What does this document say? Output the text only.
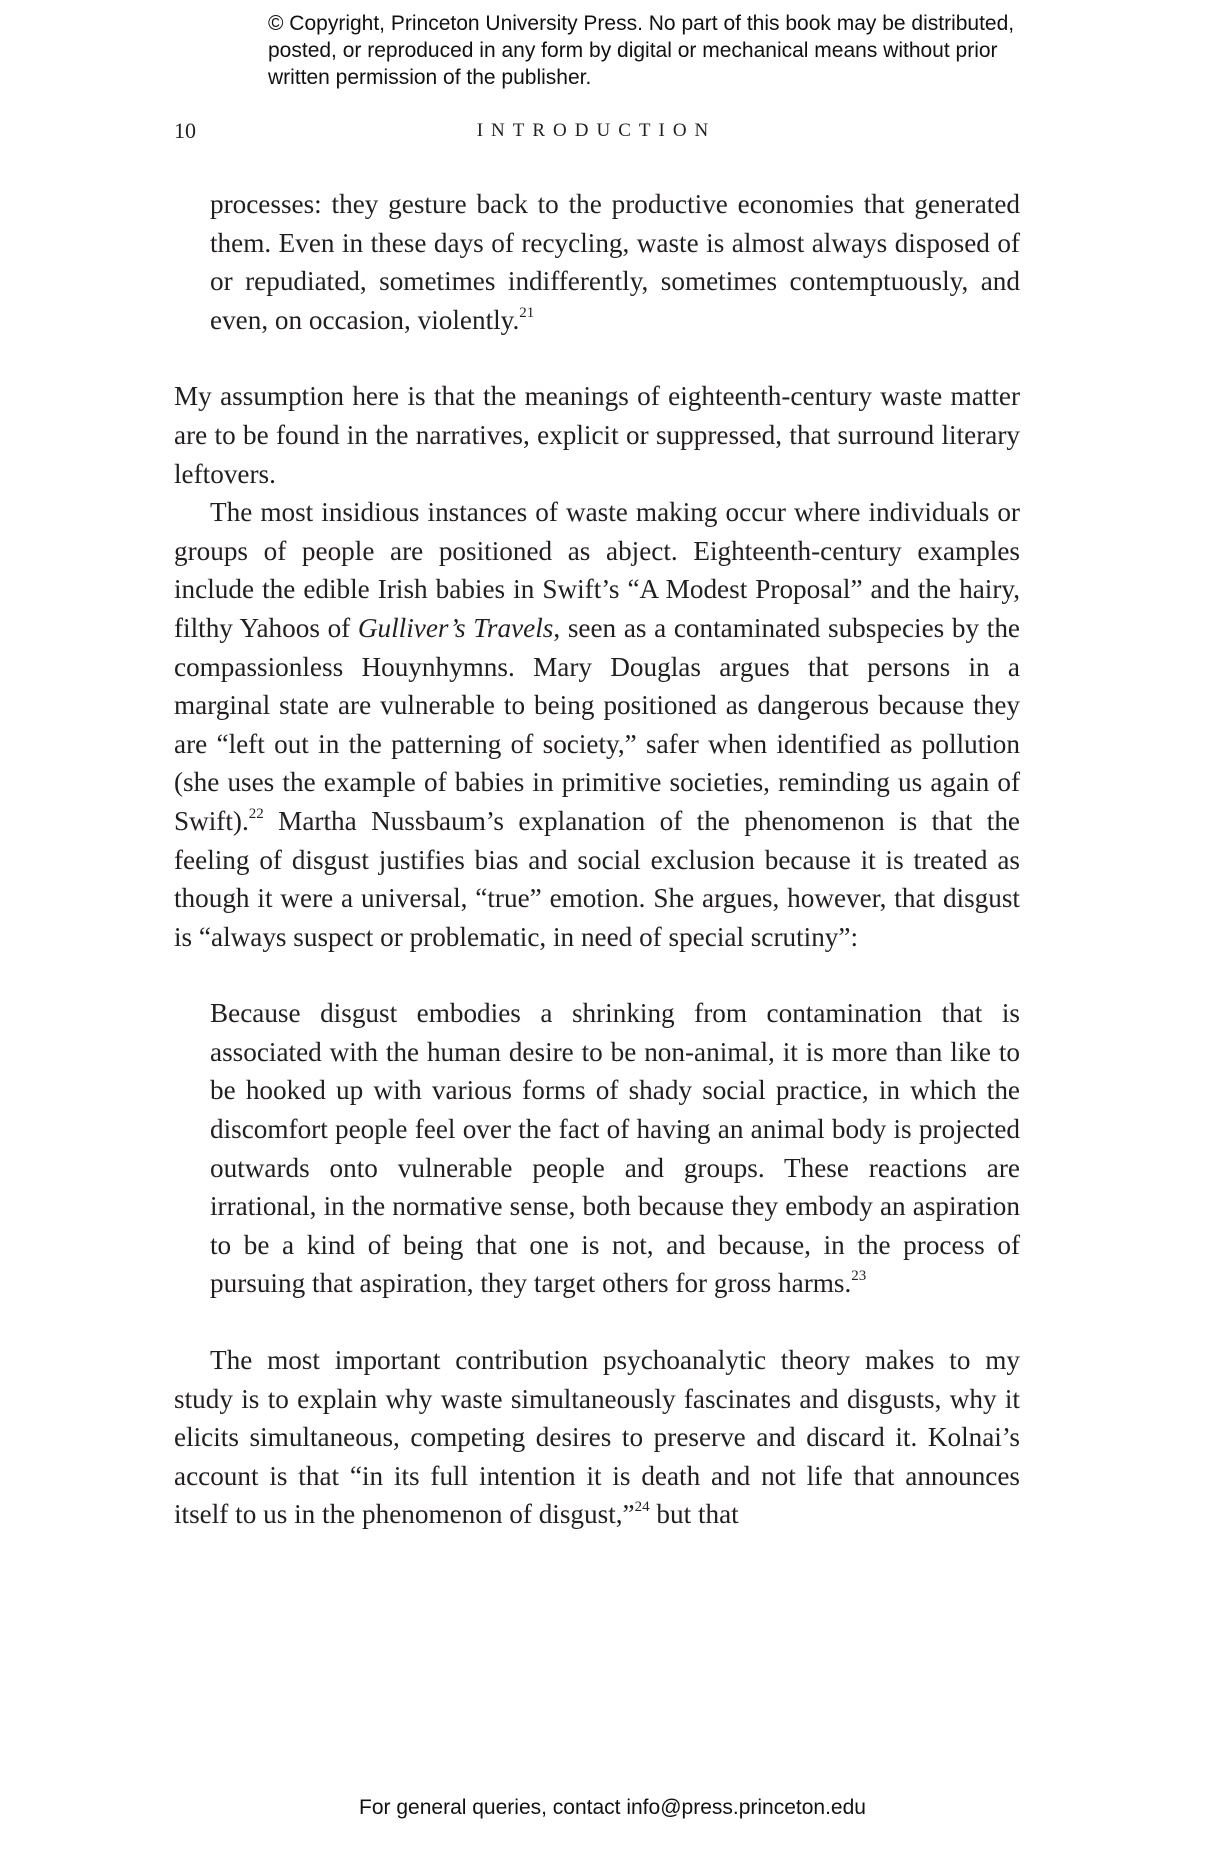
© Copyright, Princeton University Press. No part of this book may be distributed, posted, or reproduced in any form by digital or mechanical means without prior written permission of the publisher.
10	INTRODUCTION

processes: they gesture back to the productive economies that generated them. Even in these days of recycling, waste is almost always disposed of or repudiated, sometimes indifferently, sometimes contemptuously, and even, on occasion, violently.$^{21}$

My assumption here is that the meanings of eighteenth-century waste matter are to be found in the narratives, explicit or suppressed, that surround literary leftovers.

The most insidious instances of waste making occur where individuals or groups of people are positioned as abject. Eighteenth-century examples include the edible Irish babies in Swift’s “A Modest Proposal” and the hairy, filthy Yahoos of Gulliver’s Travels, seen as a contaminated subspecies by the compassionless Houynhymns. Mary Douglas argues that persons in a marginal state are vulnerable to being positioned as dangerous because they are “left out in the patterning of society,” safer when identified as pollution (she uses the example of babies in primitive societies, reminding us again of Swift).$^{22}$ Martha Nussbaum’s explanation of the phenomenon is that the feeling of disgust justifies bias and social exclusion because it is treated as though it were a universal, “true” emotion. She argues, however, that disgust is “always suspect or problematic, in need of special scrutiny”:

Because disgust embodies a shrinking from contamination that is associated with the human desire to be non-animal, it is more than like to be hooked up with various forms of shady social practice, in which the discomfort people feel over the fact of having an animal body is projected outwards onto vulnerable people and groups. These reactions are irrational, in the normative sense, both because they embody an aspiration to be a kind of being that one is not, and because, in the process of pursuing that aspiration, they target others for gross harms.$^{23}$

The most important contribution psychoanalytic theory makes to my study is to explain why waste simultaneously fascinates and disgusts, why it elicits simultaneous, competing desires to preserve and discard it. Kolnai’s account is that “in its full intention it is death and not life that announces itself to us in the phenomenon of disgust,”$^{24}$ but that

For general queries, contact info@press.princeton.edu
